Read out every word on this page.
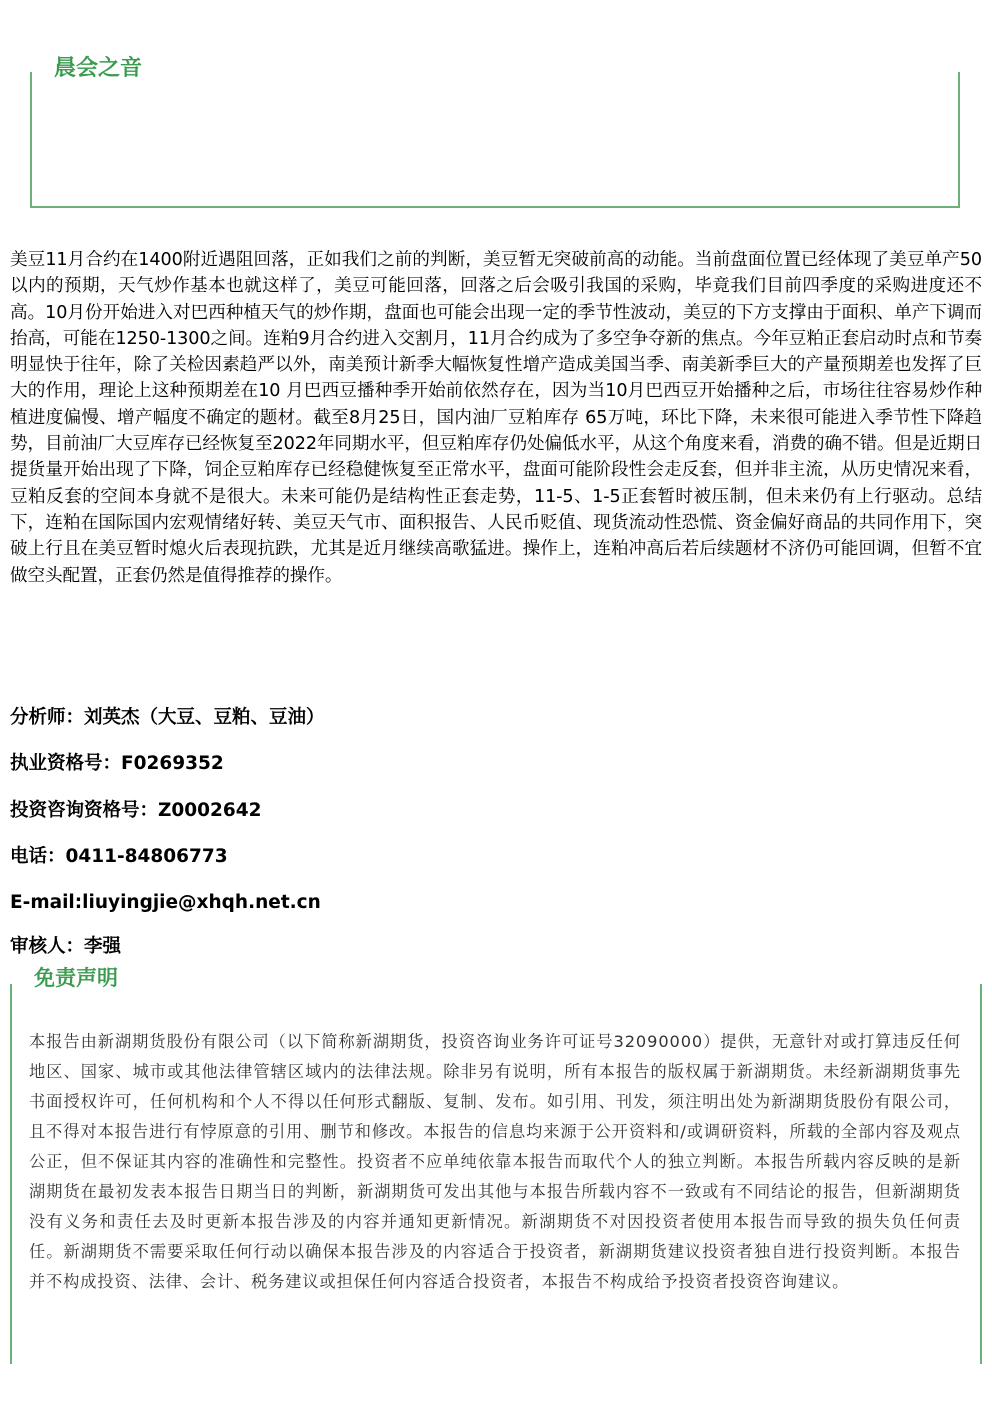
晨会之音

美豆11月合约在1400附近遇阻回落，正如我们之前的判断，美豆暂无突破前高的动能。当前盘面位置已经体现了美豆单产50以内的预期，天气炒作基本也就这样了，美豆可能回落，回落之后会吸引我国的采购，毕竟我们目前四季度的采购进度还不高。10月份开始进入对巴西种植天气的炒作期，盘面也可能会出现一定的季节性波动，美豆的下方支撑由于面积、单产下调而抬高，可能在1250-1300之间。连粕9月合约进入交割月，11月合约成为了多空争夺新的焦点。今年豆粕正套启动时点和节奏明显快于往年，除了关检因素趋严以外，南美预计新季大幅恢复性增产造成美国当季、南美新季巨大的产量预期差也发挥了巨大的作用，理论上这种预期差在10 月巴西豆播种季开始前依然存在，因为当10月巴西豆开始播种之后，市场往往容易炒作种植进度偏慢、增产幅度不确定的题材。截至8月25日，国内油厂豆粕库存 65万吨，环比下降，未来很可能进入季节性下降趋势，目前油厂大豆库存已经恢复至2022年同期水平，但豆粕库存仍处偏低水平，从这个角度来看，消费的确不错。但是近期日提货量开始出现了下降，饲企豆粕库存已经稳健恢复至正常水平，盘面可能阶段性会走反套，但并非主流，从历史情况来看，豆粕反套的空间本身就不是很大。未来可能仍是结构性正套走势，11-5、1-5正套暂时被压制，但未来仍有上行驱动。总结下，连粕在国际国内宏观情绪好转、美豆天气市、面积报告、人民币贬值、现货流动性恐慌、资金偏好商品的共同作用下，突破上行且在美豆暂时熄火后表现抗跌，尤其是近月继续高歌猛进。操作上，连粕冲高后若后续题材不济仍可能回调，但暂不宜做空头配置，正套仍然是值得推荐的操作。

分析师：刘英杰（大豆、豆粕、豆油）

执业资格号：F0269352

投资咨询资格号：Z0002642

电话：0411-84806773

E-mail:liuyingjie@xhqh.net.cn

审核人：李强

免责声明

本报告由新湖期货股份有限公司（以下简称新湖期货，投资咨询业务许可证号32090000）提供，无意针对或打算违反任何地区、国家、城市或其他法律管辖区域内的法律法规。除非另有说明，所有本报告的版权属于新湖期货。未经新湖期货事先书面授权许可，任何机构和个人不得以任何形式翻版、复制、发布。如引用、刊发，须注明出处为新湖期货股份有限公司，且不得对本报告进行有悖原意的引用、删节和修改。本报告的信息均来源于公开资料和/或调研资料，所载的全部内容及观点公正，但不保证其内容的准确性和完整性。投资者不应单纯依靠本报告而取代个人的独立判断。本报告所载内容反映的是新湖期货在最初发表本报告日期当日的判断，新湖期货可发出其他与本报告所载内容不一致或有不同结论的报告，但新湖期货没有义务和责任去及时更新本报告涉及的内容并通知更新情况。新湖期货不对因投资者使用本报告而导致的损失负任何责任。新湖期货不需要采取任何行动以确保本报告涉及的内容适合于投资者，新湖期货建议投资者独自进行投资判断。本报告并不构成投资、法律、会计、税务建议或担保任何内容适合投资者，本报告不构成给予投资者投资咨询建议。
